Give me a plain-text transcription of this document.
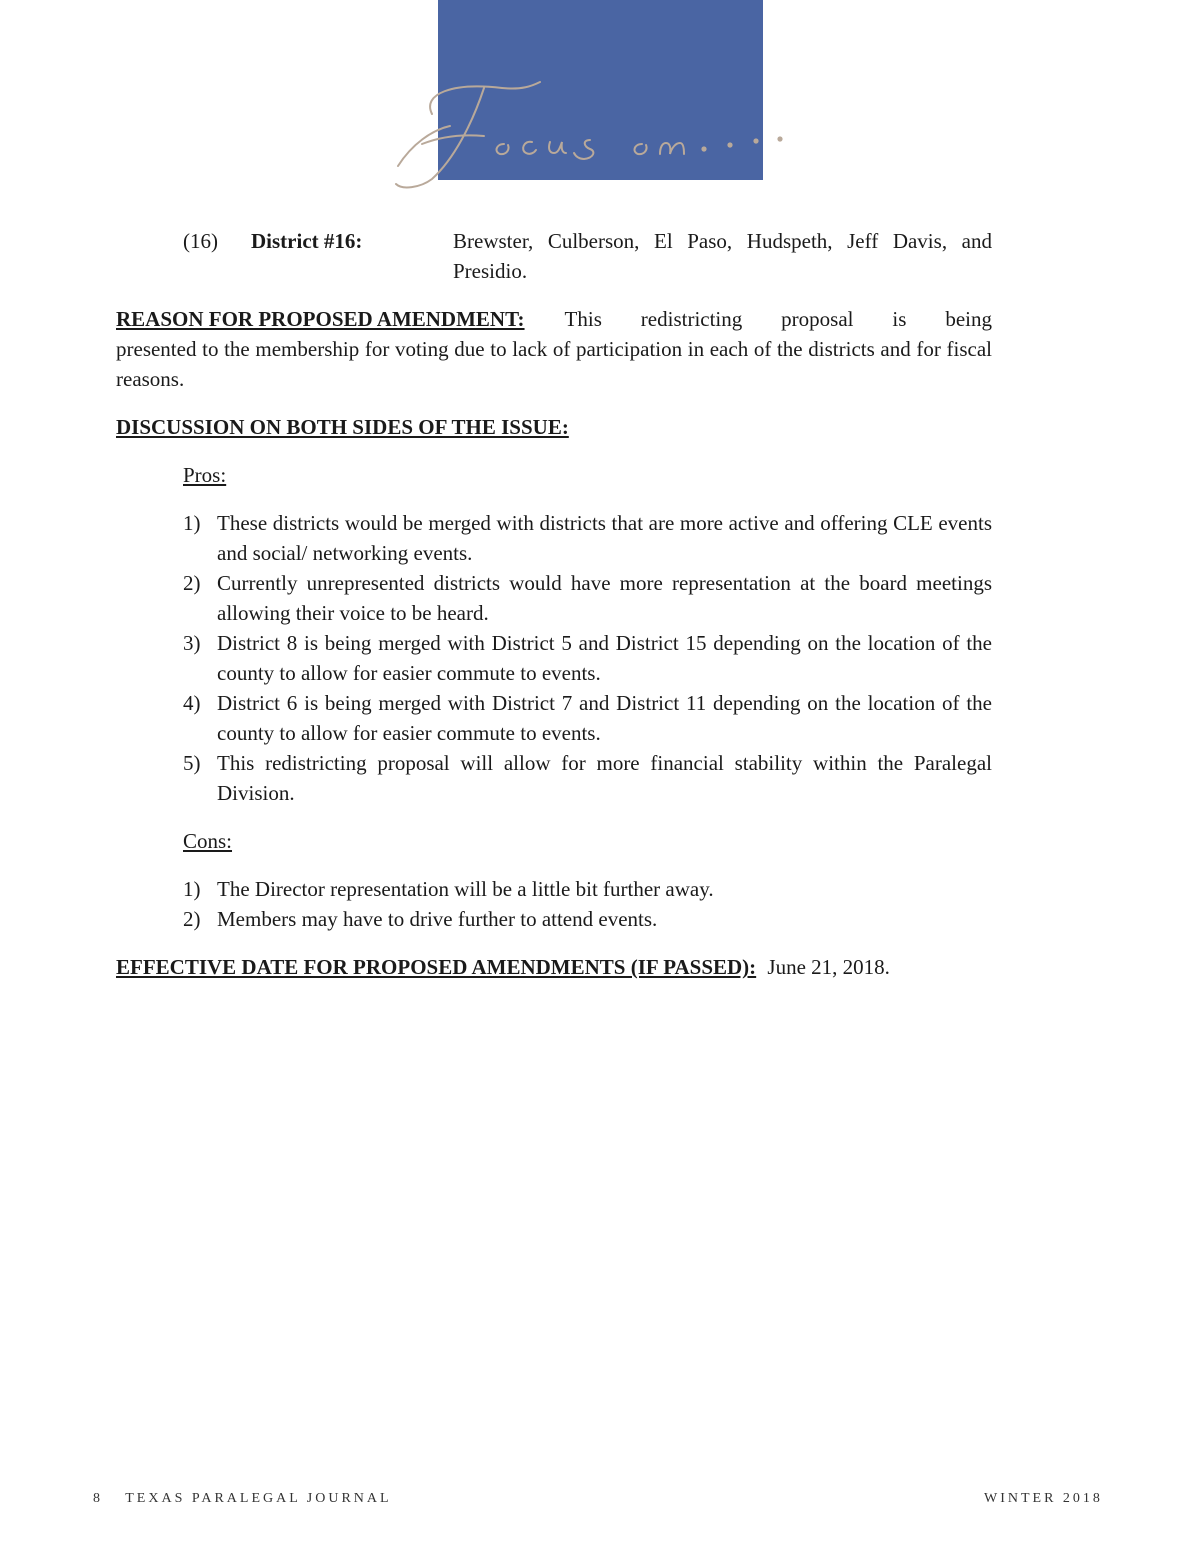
(16) District #16:	Brewster, Culberson, El Paso, Hudspeth, Jeff Davis, and
Presidio.
REASON FOR PROPOSED AMENDMENT: This redistricting proposal is being
presented to the membership for voting due to lack of participation in each of the districts and for fiscal reasons.
DISCUSSION ON BOTH SIDES OF THE ISSUE:
Pros:
1) These districts would be merged with districts that are more active and offering CLE events and social/ networking events.
2) Currently unrepresented districts would have more representation at the board meetings allowing their voice to be heard.
3) District 8 is being merged with District 5 and District 15 depending on the location of the county to allow for easier commute to events.
4) District 6 is being merged with District 7 and District 11 depending on the location of the county to allow for easier commute to events.
5) This redistricting proposal will allow for more financial stability within the Paralegal Division.
Cons:
1) The Director representation will be a little bit further away.
2) Members may have to drive further to attend events.
EFFECTIVE DATE FOR PROPOSED AMENDMENTS (IF PASSED): June 21, 2018.
8 TEXAS PARALEGAL JOURNAL	WINTER 2018
